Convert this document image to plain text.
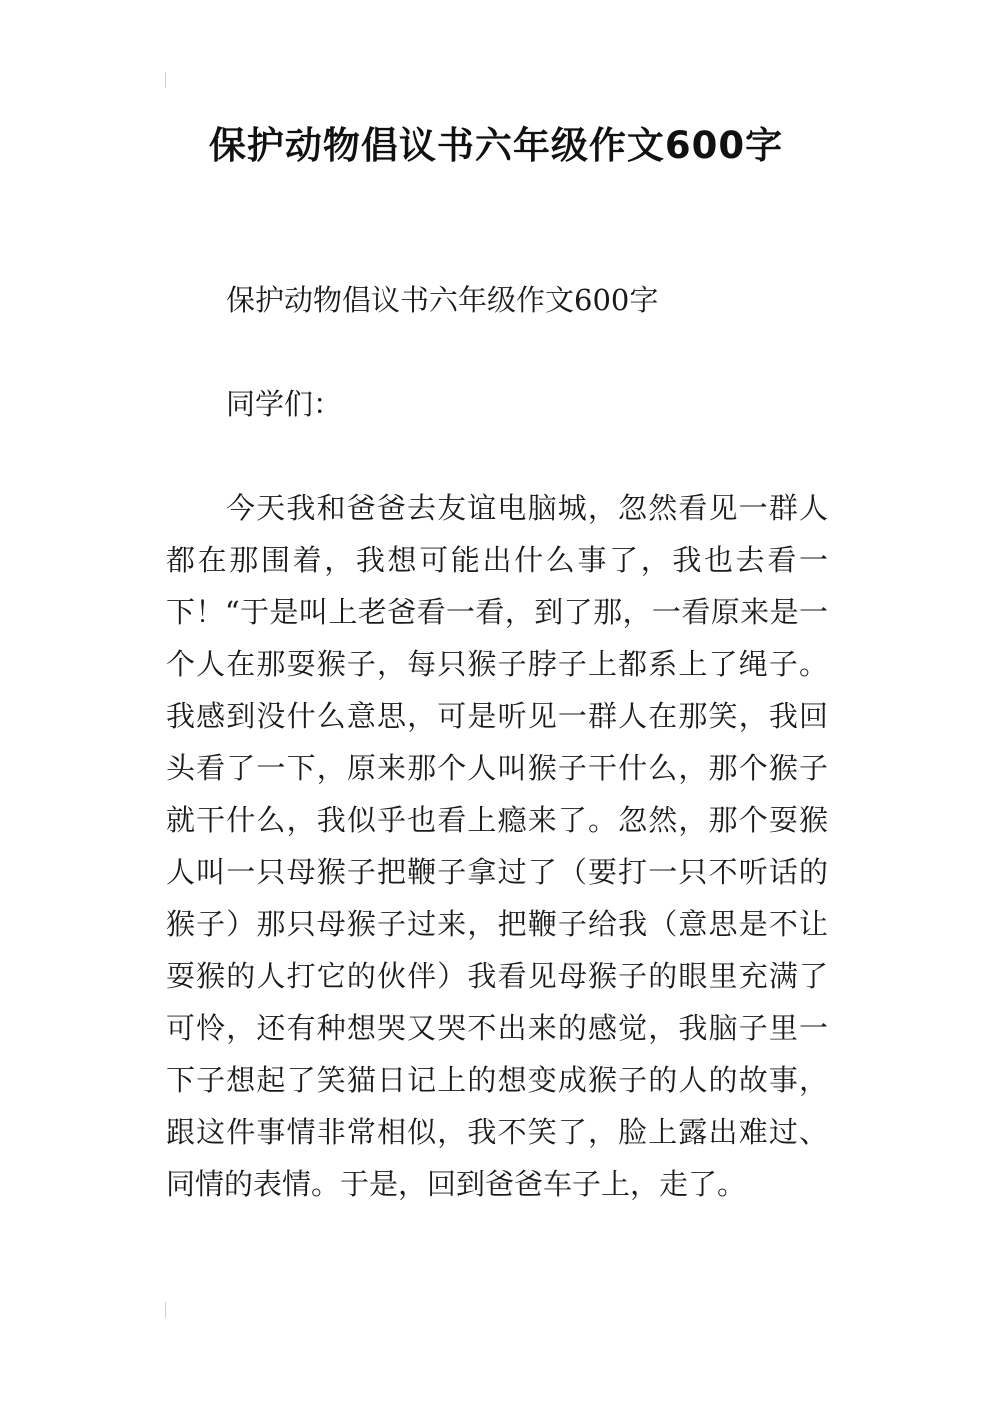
保护动物倡议书六年级作文600字

保护动物倡议书六年级作文600字

同学们：

今天我和爸爸去友谊电脑城，忽然看见一群人都在那围着，我想可能出什么事了，我也去看一下！“于是叫上老爸看一看，到了那，一看原来是一个人在那耍猴子，每只猴子脖子上都系上了绳子。我感到没什么意思，可是听见一群人在那笑，我回头看了一下，原来那个人叫猴子干什么，那个猴子就干什么，我似乎也看上瘾来了。忽然，那个耍猴人叫一只母猴子把鞭子拿过了（要打一只不听话的猴子）那只母猴子过来，把鞭子给我（意思是不让耍猴的人打它的伙伴）我看见母猴子的眼里充满了可怜，还有种想哭又哭不出来的感觉，我脑子里一下子想起了笑猫日记上的想变成猴子的人的故事，跟这件事情非常相似，我不笑了，脸上露出难过、同情的表情。于是，回到爸爸车子上，走了。
